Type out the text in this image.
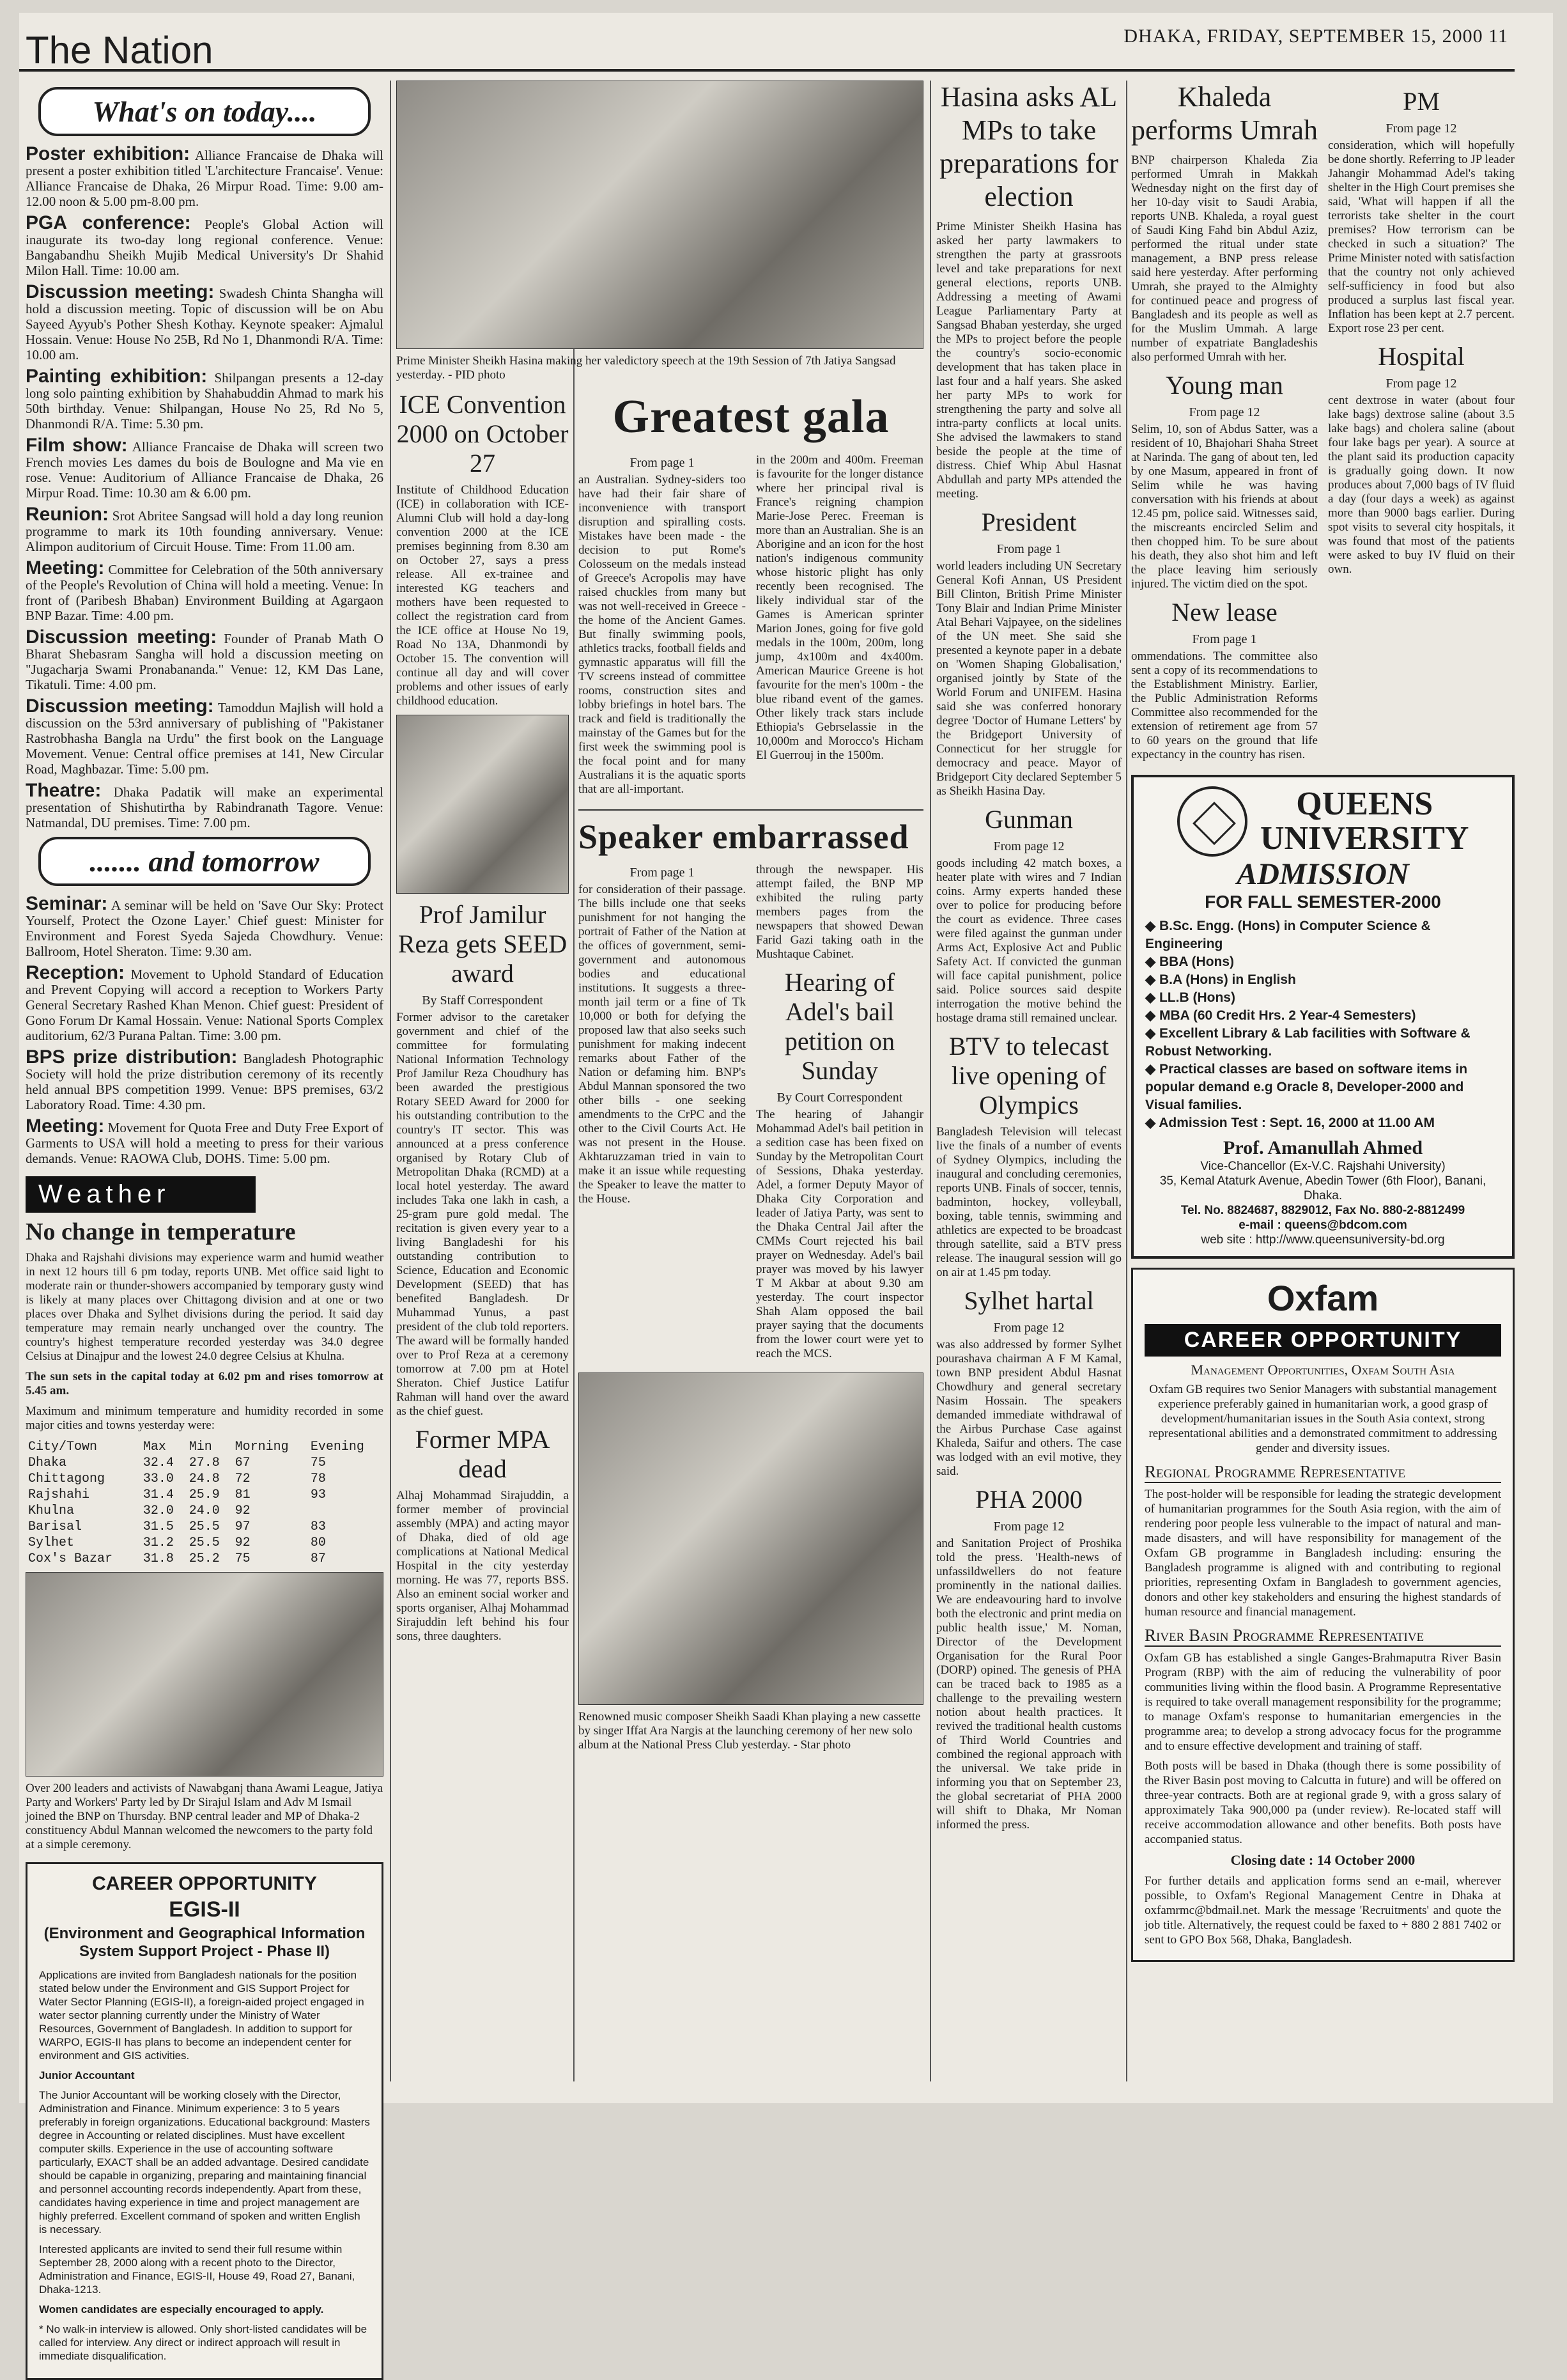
The Nation	DHAKA, FRIDAY, SEPTEMBER 15, 2000 11
What's on today....
Poster exhibition: Alliance Francaise de Dhaka will present a poster exhibition titled 'L'architecture Francaise'. Venue: Alliance Francaise de Dhaka, 26 Mirpur Road. Time: 9.00 am-12.00 noon & 5.00 pm-8.00 pm.
PGA conference: People's Global Action will inaugurate its two-day long regional conference. Venue: Bangabandhu Sheikh Mujib Medical University's Dr Shahid Milon Hall. Time: 10.00 am.
Discussion meeting: Swadesh Chinta Shangha will hold a discussion meeting. Topic of discussion will be on Abu Sayeed Ayyub's Pother Shesh Kothay. Keynote speaker: Ajmalul Hossain. Venue: House No 25B, Rd No 1, Dhanmondi R/A. Time: 10.00 am.
Painting exhibition: Shilpangan presents a 12-day long solo painting exhibition by Shahabuddin Ahmad to mark his 50th birthday. Venue: Shilpangan, House No 25, Rd No 5, Dhanmondi R/A. Time: 5.30 pm.
Film show: Alliance Francaise de Dhaka will screen two French movies Les dames du bois de Boulogne and Ma vie en rose. Venue: Auditorium of Alliance Francaise de Dhaka, 26 Mirpur Road. Time: 10.30 am & 6.00 pm.
Reunion: Srot Abritee Sangsad will hold a day long reunion programme to mark its 10th founding anniversary. Venue: Alimpon auditorium of Circuit House. Time: From 11.00 am.
Meeting: Committee for Celebration of the 50th anniversary of the People's Revolution of China will hold a meeting. Venue: In front of (Paribesh Bhaban) Environment Building at Agargaon BNP Bazar. Time: 4.00 pm.
Discussion meeting: Founder of Pranab Math O Bharat Shebasram Sangha will hold a discussion meeting on "Jugacharja Swami Pronabananda." Venue: 12, KM Das Lane, Tikatuli. Time: 4.00 pm.
Discussion meeting: Tamoddun Majlish will hold a discussion on the 53rd anniversary of publishing of "Pakistaner Rastrobhasha Bangla na Urdu" the first book on the Language Movement. Venue: Central office premises at 141, New Circular Road, Maghbazar. Time: 5.00 pm.
Theatre: Dhaka Padatik will make an experimental presentation of Shishutirtha by Rabindranath Tagore. Venue: Natmandal, DU premises. Time: 7.00 pm.
....... and tomorrow
Seminar: A seminar will be held on 'Save Our Sky: Protect Yourself, Protect the Ozone Layer.' Chief guest: Minister for Environment and Forest Syeda Sajeda Chowdhury. Venue: Ballroom, Hotel Sheraton. Time: 9.30 am.
Reception: Movement to Uphold Standard of Education and Prevent Copying will accord a reception to Workers Party General Secretary Rashed Khan Menon. Chief guest: President of Gono Forum Dr Kamal Hossain. Venue: National Sports Complex auditorium, 62/3 Purana Paltan. Time: 3.00 pm.
BPS prize distribution: Bangladesh Photographic Society will hold the prize distribution ceremony of its recently held annual BPS competition 1999. Venue: BPS premises, 63/2 Laboratory Road. Time: 4.30 pm.
Meeting: Movement for Quota Free and Duty Free Export of Garments to USA will hold a meeting to press for their various demands. Venue: RAOWA Club, DOHS. Time: 5.00 pm.
Weather
No change in temperature
Dhaka and Rajshahi divisions may experience warm and humid weather in next 12 hours till 6 pm today, reports UNB. Met office said light to moderate rain or thunder-showers accompanied by temporary gusty wind is likely at many places over Chittagong division and at one or two places over Dhaka and Sylhet divisions during the period. It said day temperature may remain nearly unchanged over the country. The country's highest temperature recorded yesterday was 34.0 degree Celsius at Dinajpur and the lowest 24.0 degree Celsius at Khulna.
The sun sets in the capital today at 6.02 pm and rises tomorrow at 5.45 am.
Maximum and minimum temperature and humidity recorded in some major cities and towns yesterday were:
City/Town	Max	Min	Morning	Evening
Dhaka	32.4	27.8	67	75
Chittagong	33.0	24.8	72	78
Rajshahi	31.4	25.9	81	93
Khulna	32.0	24.0	92	
Barisal	31.5	25.5	97	83
Sylhet	31.2	25.5	92	80
Cox's Bazar	31.8	25.2	75	87
Over 200 leaders and activists of Nawabganj thana Awami League, Jatiya Party and Workers' Party led by Dr Sirajul Islam and Adv M Ismail joined the BNP on Thursday. BNP central leader and MP of Dhaka-2 constituency Abdul Mannan welcomed the newcomers to the party fold at a simple ceremony.
CAREER OPPORTUNITY
EGIS-II
(Environment and Geographical Information System Support Project - Phase II)

Applications are invited from Bangladesh nationals for the position stated below under the Environment and GIS Support Project for Water Sector Planning (EGIS-II), a foreign-aided project engaged in water sector planning currently under the Ministry of Water Resources, Government of Bangladesh. In addition to support for WARPO, EGIS-II has plans to become an independent center for environment and GIS activities.

Junior Accountant

The Junior Accountant will be working closely with the Director, Administration and Finance. Minimum experience: 3 to 5 years preferably in foreign organizations. Educational background: Masters degree in Accounting or related disciplines. Must have excellent computer skills. Experience in the use of accounting software particularly, EXACT shall be an added advantage. Desired candidate should be capable in organizing, preparing and maintaining financial and personnel accounting records independently. Apart from these, candidates having experience in time and project management are highly preferred. Excellent command of spoken and written English is necessary.

Interested applicants are invited to send their full resume within September 28, 2000 along with a recent photo to the Director, Administration and Finance, EGIS-II, House 49, Road 27, Banani, Dhaka-1213.

Women candidates are especially encouraged to apply.

* No walk-in interview is allowed. Only short-listed candidates will be called for interview. Any direct or indirect approach will result in immediate disqualification.

Prime Minister Sheikh Hasina making her valedictory speech at the 19th Session of 7th Jatiya Sangsad yesterday. - PID photo
ICE Convention 2000 on October 27
Institute of Childhood Education (ICE) in collaboration with ICE-Alumni Club will hold a day-long convention 2000 at the ICE premises beginning from 8.30 am on October 27, says a press release. All ex-trainee and interested KG teachers and mothers have been requested to collect the registration card from the ICE office at House No 19, Road No 13A, Dhanmondi by October 15. The convention will continue all day and will cover problems and other issues of early childhood education.
Prof Jamilur Reza gets SEED award
By Staff Correspondent
Former advisor to the caretaker government and chief of the committee for formulating National Information Technology Prof Jamilur Reza Choudhury has been awarded the prestigious Rotary SEED Award for 2000 for his outstanding contribution to the country's IT sector. This was announced at a press conference organised by Rotary Club of Metropolitan Dhaka (RCMD) at a local hotel yesterday. The award includes Taka one lakh in cash, a 25-gram pure gold medal. The recitation is given every year to a living Bangladeshi for his outstanding contribution to Science, Education and Economic Development (SEED) that has benefited Bangladesh. Dr Muhammad Yunus, a past president of the club told reporters. The award will be formally handed over to Prof Reza at a ceremony tomorrow at 7.00 pm at Hotel Sheraton. Chief Justice Latifur Rahman will hand over the award as the chief guest.
Former MPA dead
Alhaj Mohammad Sirajuddin, a former member of provincial assembly (MPA) and acting mayor of Dhaka, died of old age complications at National Medical Hospital in the city yesterday morning. He was 77, reports BSS. Also an eminent social worker and sports organiser, Alhaj Mohammad Sirajuddin left behind his four sons, three daughters.
Greatest gala
From page 1
an Australian. Sydney-siders too have had their fair share of inconvenience with transport disruption and spiralling costs. Mistakes have been made - the decision to put Rome's Colosseum on the medals instead of Greece's Acropolis may have raised chuckles from many but was not well-received in Greece - the home of the Ancient Games. But finally swimming pools, athletics tracks, football fields and gymnastic apparatus will fill the TV screens instead of committee rooms, construction sites and lobby briefings in hotel bars. The track and field is traditionally the mainstay of the Games but for the first week the swimming pool is the focal point and for many Australians it is the aquatic sports that are all-important.
in the 200m and 400m. Freeman is favourite for the longer distance where her principal rival is France's reigning champion Marie-Jose Perec. Freeman is more than an Australian. She is an Aborigine and an icon for the host nation's indigenous community whose historic plight has only recently been recognised. The likely individual star of the Games is American sprinter Marion Jones, going for five gold medals in the 100m, 200m, long jump, 4x100m and 4x400m. American Maurice Greene is hot favourite for the men's 100m - the blue riband event of the games. Other likely track stars include Ethiopia's Gebrselassie in the 10,000m and Morocco's Hicham El Guerrouj in the 1500m.
Speaker embarrassed
From page 1
for consideration of their passage. The bills include one that seeks punishment for not hanging the portrait of Father of the Nation at the offices of government, semi-government and autonomous bodies and educational institutions. It suggests a three-month jail term or a fine of Tk 10,000 or both for defying the proposed law that also seeks such punishment for making indecent remarks about Father of the Nation or defaming him. BNP's Abdul Mannan sponsored the two other bills - one seeking amendments to the CrPC and the other to the Civil Courts Act. He was not present in the House. Akhtaruzzaman tried in vain to make it an issue while requesting the Speaker to leave the matter to the House.
through the newspaper. His attempt failed, the BNP MP exhibited the ruling party members pages from the newspapers that showed Dewan Farid Gazi taking oath in the Mushtaque Cabinet.
Hearing of Adel's bail petition on Sunday
By Court Correspondent
The hearing of Jahangir Mohammad Adel's bail petition in a sedition case has been fixed on Sunday by the Metropolitan Court of Sessions, Dhaka yesterday. Adel, a former Deputy Mayor of Dhaka City Corporation and leader of Jatiya Party, was sent to the Dhaka Central Jail after the CMMs Court rejected his bail prayer on Wednesday. Adel's bail prayer was moved by his lawyer T M Akbar at about 9.30 am yesterday. The court inspector Shah Alam opposed the bail prayer saying that the documents from the lower court were yet to reach the MCS.
Renowned music composer Sheikh Saadi Khan playing a new cassette by singer Iffat Ara Nargis at the launching ceremony of her new solo album at the National Press Club yesterday. - Star photo
Hasina asks AL MPs to take preparations for election
Prime Minister Sheikh Hasina has asked her party lawmakers to strengthen the party at grassroots level and take preparations for next general elections, reports UNB. Addressing a meeting of Awami League Parliamentary Party at Sangsad Bhaban yesterday, she urged the MPs to project before the people the country's socio-economic development that has taken place in last four and a half years. She asked her party MPs to work for strengthening the party and solve all intra-party conflicts at local units. She advised the lawmakers to stand beside the people at the time of distress. Chief Whip Abul Hasnat Abdullah and party MPs attended the meeting.
President
From page 1
world leaders including UN Secretary General Kofi Annan, US President Bill Clinton, British Prime Minister Tony Blair and Indian Prime Minister Atal Behari Vajpayee, on the sidelines of the UN meet. She said she presented a keynote paper in a debate on 'Women Shaping Globalisation,' organised jointly by State of the World Forum and UNIFEM. Hasina said she was conferred honorary degree 'Doctor of Humane Letters' by the Bridgeport University of Connecticut for her struggle for democracy and peace. Mayor of Bridgeport City declared September 5 as Sheikh Hasina Day.
Gunman
From page 12
goods including 42 match boxes, a heater plate with wires and 7 Indian coins. Army experts handed these over to police for producing before the court as evidence. Three cases were filed against the gunman under Arms Act, Explosive Act and Public Safety Act. If convicted the gunman will face capital punishment, police said. Police sources said despite interrogation the motive behind the hostage drama still remained unclear.
BTV to telecast live opening of Olympics
Bangladesh Television will telecast live the finals of a number of events of Sydney Olympics, including the inaugural and concluding ceremonies, reports UNB. Finals of soccer, tennis, badminton, hockey, volleyball, boxing, table tennis, swimming and athletics are expected to be broadcast through satellite, said a BTV press release. The inaugural session will go on air at 1.45 pm today.
Sylhet hartal
From page 12
was also addressed by former Sylhet pourashava chairman A F M Kamal, town BNP president Abdul Hasnat Chowdhury and general secretary Nasim Hossain. The speakers demanded immediate withdrawal of the Airbus Purchase Case against Khaleda, Saifur and others. The case was lodged with an evil motive, they said.
PHA 2000
From page 12
and Sanitation Project of Proshika told the press. 'Health-news of unfassildwellers do not feature prominently in the national dailies. We are endeavouring hard to involve both the electronic and print media on public health issue,' M. Noman, Director of the Development Organisation for the Rural Poor (DORP) opined. The genesis of PHA can be traced back to 1985 as a challenge to the prevailing western notion about health practices. It revived the traditional health customs of Third World Countries and combined the regional approach with the universal. We take pride in informing you that on September 23, the global secretariat of PHA 2000 will shift to Dhaka, Mr Noman informed the press.
Khaleda performs Umrah
BNP chairperson Khaleda Zia performed Umrah in Makkah Wednesday night on the first day of her 10-day visit to Saudi Arabia, reports UNB. Khaleda, a royal guest of Saudi King Fahd bin Abdul Aziz, performed the ritual under state management, a BNP press release said here yesterday. After performing Umrah, she prayed to the Almighty for continued peace and progress of Bangladesh and its people as well as for the Muslim Ummah. A large number of expatriate Bangladeshis also performed Umrah with her.
Young man
From page 12
Selim, 10, son of Abdus Satter, was a resident of 10, Bhajohari Shaha Street at Narinda. The gang of about ten, led by one Masum, appeared in front of Selim while he was having conversation with his friends at about 12.45 pm, police said. Witnesses said, the miscreants encircled Selim and then chopped him. To be sure about his death, they also shot him and left the place leaving him seriously injured. The victim died on the spot.
New lease
From page 1
ommendations. The committee also sent a copy of its recommendations to the Establishment Ministry. Earlier, the Public Administration Reforms Committee also recommended for the extension of retirement age from 57 to 60 years on the ground that life expectancy in the country has risen.
PM
From page 12
consideration, which will hopefully be done shortly. Referring to JP leader Jahangir Mohammad Adel's taking shelter in the High Court premises she said, 'What will happen if all the terrorists take shelter in the court premises? How terrorism can be checked in such a situation?' The Prime Minister noted with satisfaction that the country not only achieved self-sufficiency in food but also produced a surplus last fiscal year. Inflation has been kept at 2.7 percent. Export rose 23 per cent.
Hospital
From page 12
cent dextrose in water (about four lake bags) dextrose saline (about 3.5 lake bags) and cholera saline (about four lake bags per year). A source at the plant said its production capacity is gradually going down. It now produces about 7,000 bags of IV fluid a day (four days a week) as against more than 9000 bags earlier. During spot visits to several city hospitals, it was found that most of the patients were asked to buy IV fluid on their own.
QUEENS
UNIVERSITY
ADMISSION
FOR FALL SEMESTER-2000
◆ B.Sc. Engg. (Hons) in Computer Science & Engineering
◆ BBA (Hons)
◆ B.A (Hons) in English
◆ LL.B (Hons)
◆ MBA (60 Credit Hrs. 2 Year-4 Semesters)
◆ Excellent Library & Lab facilities with Software & Robust Networking.
◆ Practical classes are based on software items in popular demand e.g Oracle 8, Developer-2000 and Visual families.
◆ Admission Test : Sept. 16, 2000 at 11.00 AM
Prof. Amanullah Ahmed
Vice-Chancellor (Ex-V.C. Rajshahi University)
35, Kemal Ataturk Avenue, Abedin Tower (6th Floor), Banani, Dhaka.
Tel. No. 8824687, 8829012, Fax No. 880-2-8812499
e-mail : queens@bdcom.com
web site : http://www.queensuniversity-bd.org
Oxfam
CAREER OPPORTUNITY
Management Opportunities, Oxfam South Asia
Oxfam GB requires two Senior Managers with substantial management experience preferably gained in humanitarian work, a good grasp of development/humanitarian issues in the South Asia context, strong representational abilities and a demonstrated commitment to addressing gender and diversity issues.
Regional Programme Representative

The post-holder will be responsible for leading the strategic development of humanitarian programmes for the South Asia region, with the aim of rendering poor people less vulnerable to the impact of natural and man-made disasters, and will have responsibility for management of the Oxfam GB programme in Bangladesh including: ensuring the Bangladesh programme is aligned with and contributing to regional priorities, representing Oxfam in Bangladesh to government agencies, donors and other key stakeholders and ensuring the highest standards of human resource and financial management.

River Basin Programme Representative

Oxfam GB has established a single Ganges-Brahmaputra River Basin Program (RBP) with the aim of reducing the vulnerability of poor communities living within the flood basin. A Programme Representative is required to take overall management responsibility for the programme; to manage Oxfam's response to humanitarian emergencies in the programme area; to develop a strong advocacy focus for the programme and to ensure effective development and training of staff.

Both posts will be based in Dhaka (though there is some possibility of the River Basin post moving to Calcutta in future) and will be offered on three-year contracts. Both are at regional grade 9, with a gross salary of approximately Taka 900,000 pa (under review). Re-located staff will receive accommodation allowance and other benefits. Both posts have accompanied status.

Closing date : 14 October 2000

For further details and application forms send an e-mail, wherever possible, to Oxfam's Regional Management Centre in Dhaka at oxfamrmc@bdmail.net. Mark the message 'Recruitments' and quote the job title. Alternatively, the request could be faxed to + 880 2 881 7402 or sent to GPO Box 568, Dhaka, Bangladesh.
